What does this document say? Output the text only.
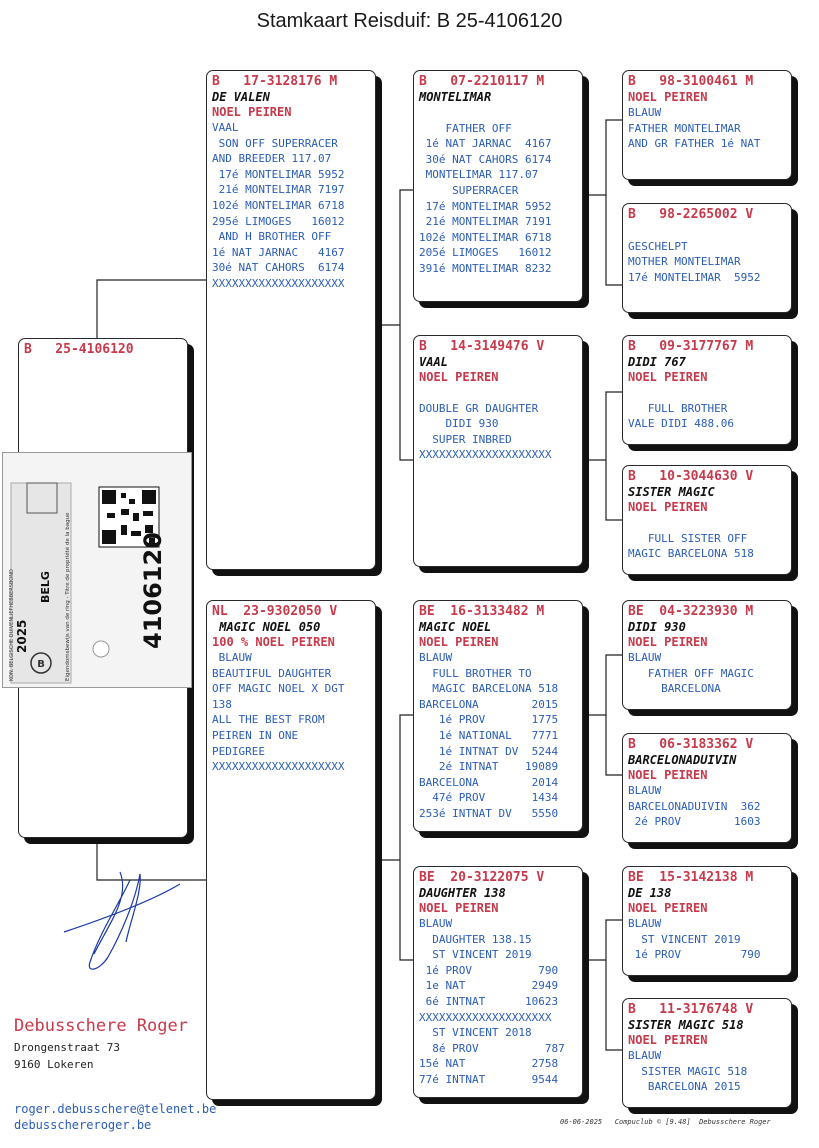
Stamkaart Reisduif: B 25-4106120
B   25-4106120
B   17-3128176 M
DE VALEN
NOEL PEIREN
VAAL
SON OFF SUPERRACER
AND BREEDER 117.07
17é MONTELIMAR 5952
21é MONTELIMAR 7197
102é MONTELIMAR 6718
295é LIMOGES   16012
AND H BROTHER OFF
1é NAT JARNAC   4167
30é NAT CAHORS  6174
XXXXXXXXXXXXXXXXXXXX
NL  23-9302050 V
MAGIC NOEL 050
100 % NOEL PEIREN
BLAUW
BEAUTIFUL DAUGHTER
OFF MAGIC NOEL X DGT
138
ALL THE BEST FROM
PEIREN IN ONE
PEDIGREE
XXXXXXXXXXXXXXXXXXXX
B   07-2210117 M
MONTELIMAR
FATHER OFF
1é NAT JARNAC  4167
30é NAT CAHORS 6174
MONTELIMAR 117.07
SUPERRACER
17é MONTELIMAR 5952
21é MONTELIMAR 7191
102é MONTELIMAR 6718
205é LIMOGES   16012
391é MONTELIMAR 8232
B   14-3149476 V
VAAL
NOEL PEIREN
DOUBLE GR DAUGHTER
DIDI 930
SUPER INBRED
XXXXXXXXXXXXXXXXXXXX
BE  16-3133482 M
MAGIC NOEL
NOEL PEIREN
BLAUW
FULL BROTHER TO
MAGIC BARCELONA 518
BARCELONA        2015
1é PROV       1775
1é NATIONAL   7771
1é INTNAT DV  5244
2é INTNAT    19089
BARCELONA        2014
47é PROV       1434
253é INTNAT DV   5550
BE  20-3122075 V
DAUGHTER 138
NOEL PEIREN
BLAUW
DAUGHTER 138.15
ST VINCENT 2019
1é PROV          790
1e NAT          2949
6é INTNAT      10623
XXXXXXXXXXXXXXXXXXXX
ST VINCENT 2018
8é PROV          787
15é NAT          2758
77é INTNAT       9544
B   98-3100461 M
NOEL PEIREN
BLAUW
FATHER MONTELIMAR
AND GR FATHER 1é NAT
B   98-2265002 V
GESCHELPT
MOTHER MONTELIMAR
17é MONTELIMAR  5952
B   09-3177767 M
DIDI 767
NOEL PEIREN
FULL BROTHER
VALE DIDI 488.06
B   10-3044630 V
SISTER MAGIC
NOEL PEIREN
FULL SISTER OFF
MAGIC BARCELONA 518
BE  04-3223930 M
DIDI 930
NOEL PEIREN
BLAUW
FATHER OFF MAGIC
BARCELONA
B   06-3183362 V
BARCELONADUIVIN
NOEL PEIREN
BLAUW
BARCELONADUIVIN  362
2é PROV        1603
BE  15-3142138 M
DE 138
NOEL PEIREN
BLAUW
ST VINCENT 2019
1é PROV         790
B   11-3176748 V
SISTER MAGIC 518
NOEL PEIREN
BLAUW
SISTER MAGIC 518
BARCELONA 2015
B
2025
BELG Eigendomsbewijs van de ring - Titre de propriété de la bague
KON. BELGISCHE DUIVENLIEFHEBBERSBOND	4106120
Debusschere Roger
Drongenstraat 73
9160 Lokeren
roger.debusschere@telenet.be
debusschereroger.be	06-06-2025   Compuclub © [9.48]  Debusschere Roger
